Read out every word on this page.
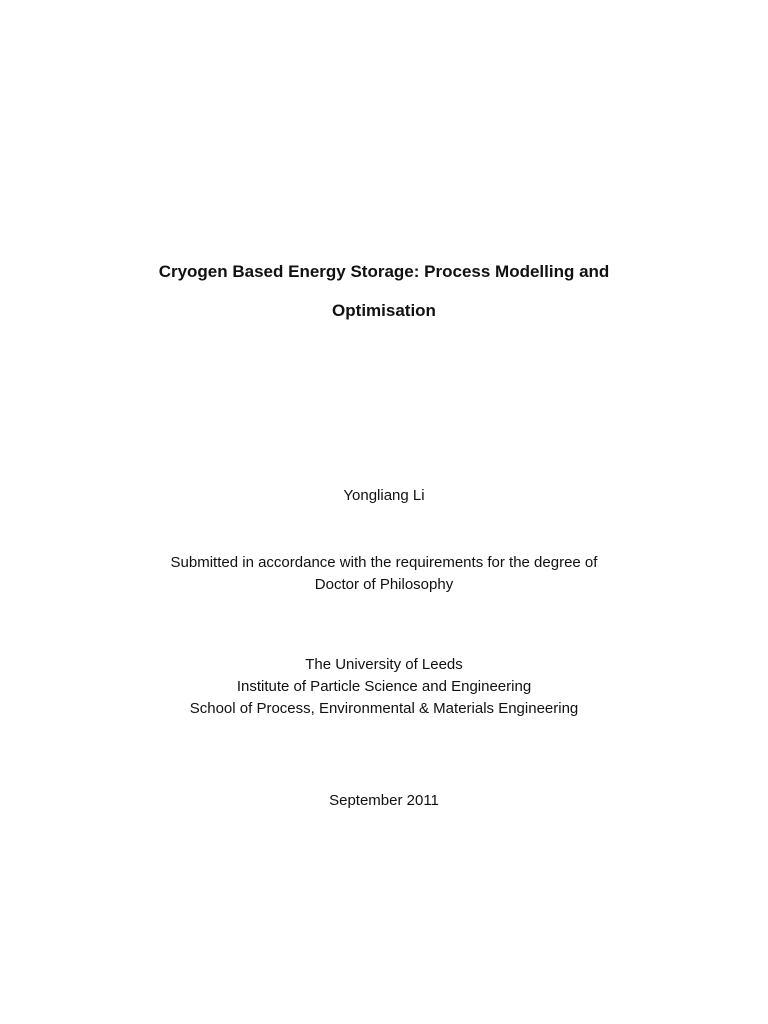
Cryogen Based Energy Storage: Process Modelling and
Optimisation
Yongliang Li
Submitted in accordance with the requirements for the degree of
Doctor of Philosophy
The University of Leeds
Institute of Particle Science and Engineering
School of Process, Environmental & Materials Engineering
September 2011
